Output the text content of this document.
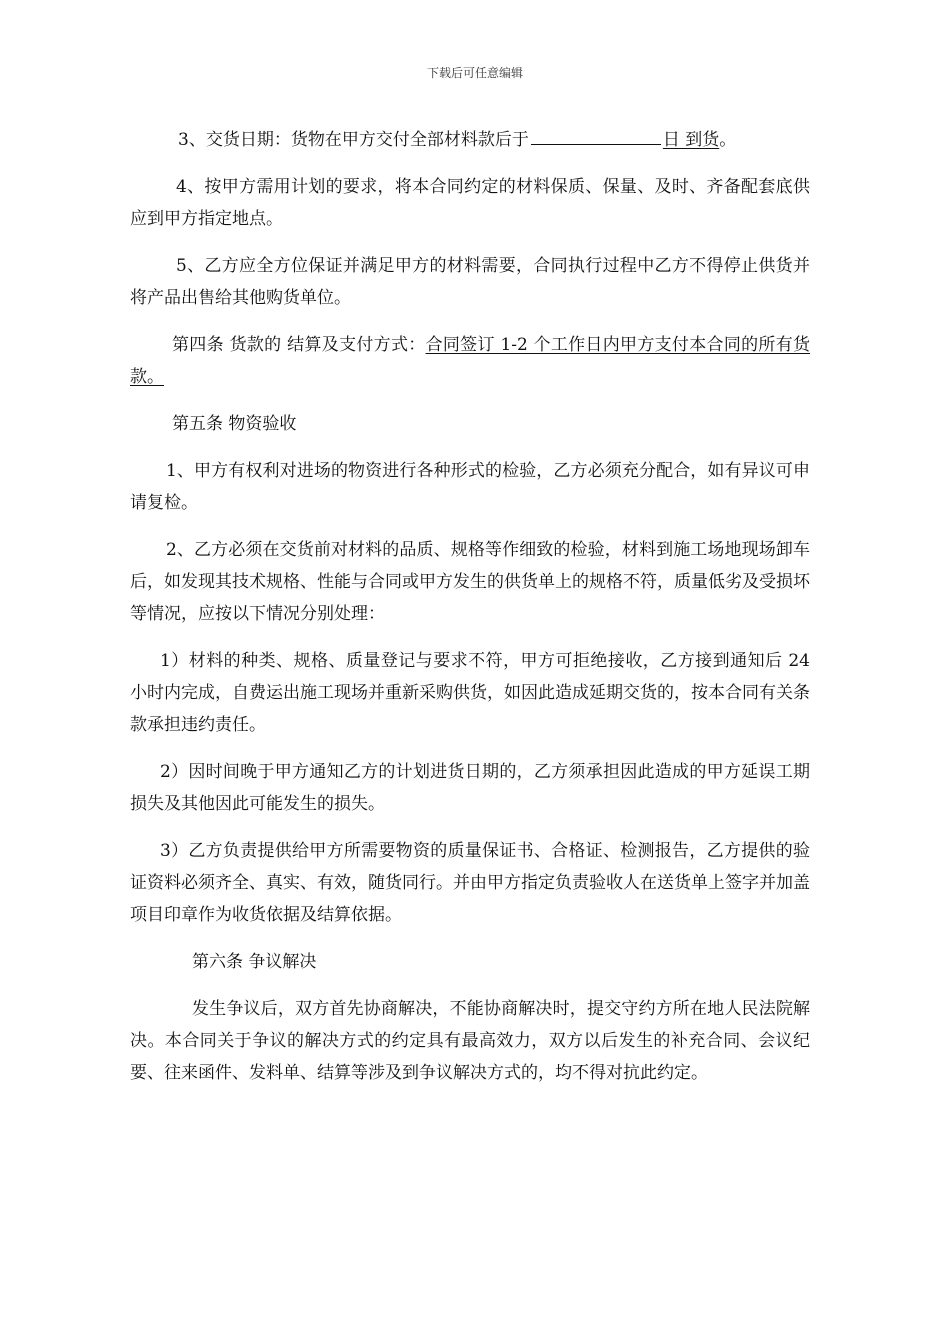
下载后可任意编辑

3、交货日期：货物在甲方交付全部材料款后于	日 到货。

4、按甲方需用计划的要求，将本合同约定的材料保质、保量、及时、齐备配套底供应到甲方指定地点。

5、乙方应全方位保证并满足甲方的材料需要，合同执行过程中乙方不得停止供货并将产品出售给其他购货单位。

第四条 货款的 结算及支付方式：合同签订 1-2 个工作日内甲方支付本合同的所有货款。

第五条 物资验收

1、甲方有权利对进场的物资进行各种形式的检验，乙方必须充分配合，如有异议可申请复检。

2、乙方必须在交货前对材料的品质、规格等作细致的检验，材料到施工场地现场卸车后，如发现其技术规格、性能与合同或甲方发生的供货单上的规格不符，质量低劣及受损坏等情况，应按以下情况分别处理：

1）材料的种类、规格、质量登记与要求不符，甲方可拒绝接收，乙方接到通知后 24 小时内完成，自费运出施工现场并重新采购供货，如因此造成延期交货的，按本合同有关条款承担违约责任。

2）因时间晚于甲方通知乙方的计划进货日期的，乙方须承担因此造成的甲方延误工期损失及其他因此可能发生的损失。

3）乙方负责提供给甲方所需要物资的质量保证书、合格证、检测报告，乙方提供的验证资料必须齐全、真实、有效，随货同行。并由甲方指定负责验收人在送货单上签字并加盖项目印章作为收货依据及结算依据。

第六条 争议解决

发生争议后，双方首先协商解决，不能协商解决时，提交守约方所在地人民法院解决。本合同关于争议的解决方式的约定具有最高效力，双方以后发生的补充合同、会议纪要、往来函件、发料单、结算等涉及到争议解决方式的，均不得对抗此约定。
